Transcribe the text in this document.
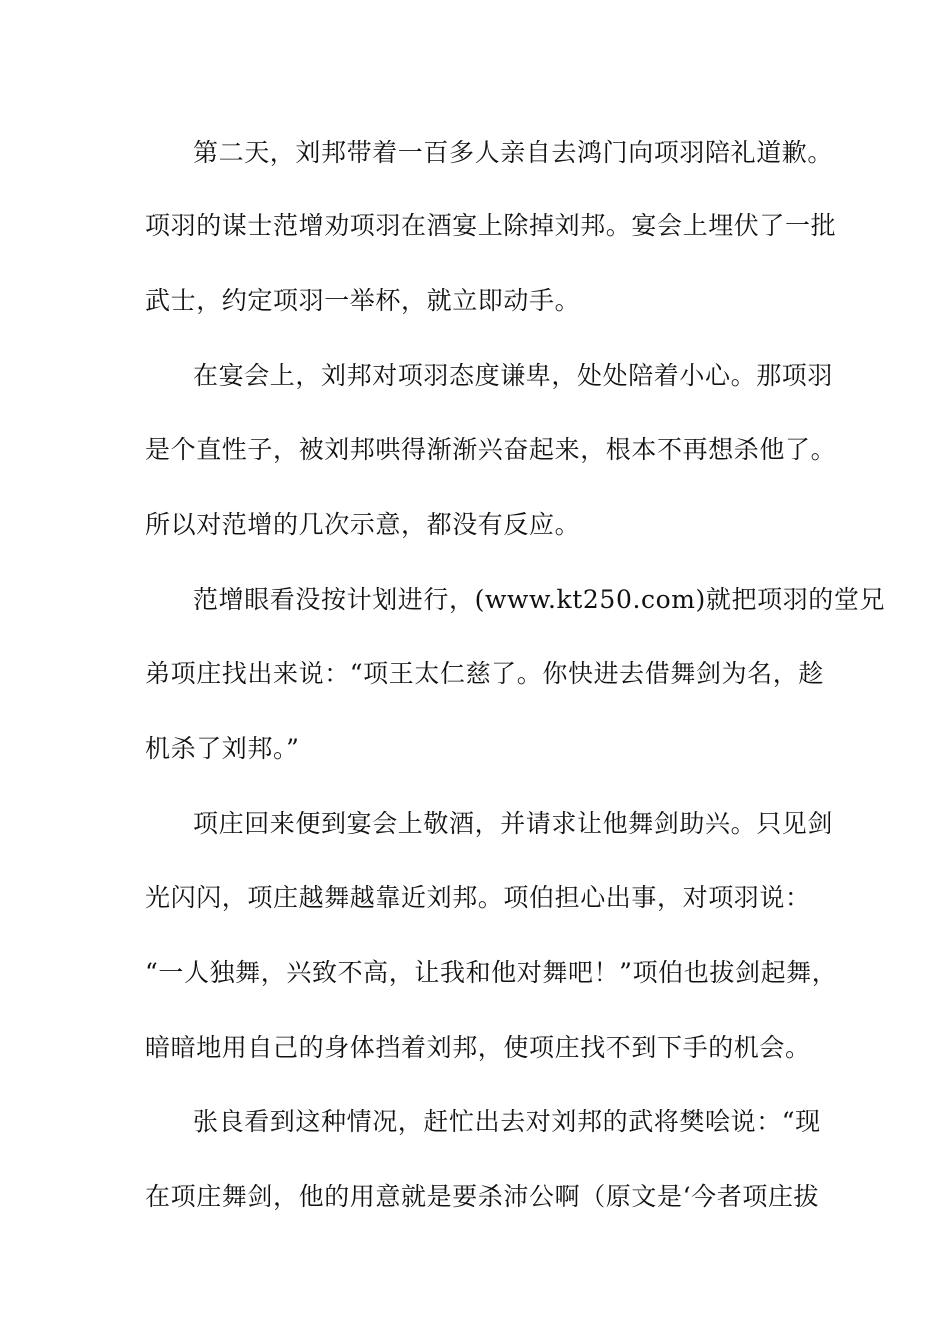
第二天，刘邦带着一百多人亲自去鸿门向项羽陪礼道歉。
项羽的谋士范增劝项羽在酒宴上除掉刘邦。宴会上埋伏了一批
武士，约定项羽一举杯，就立即动手。
在宴会上，刘邦对项羽态度谦卑，处处陪着小心。那项羽
是个直性子，被刘邦哄得渐渐兴奋起来，根本不再想杀他了。
所以对范增的几次示意，都没有反应。
范增眼看没按计划进行，(www.kt250.com)就把项羽的堂兄
弟项庄找出来说：“项王太仁慈了。你快进去借舞剑为名，趁
机杀了刘邦。”
项庄回来便到宴会上敬酒，并请求让他舞剑助兴。只见剑
光闪闪，项庄越舞越靠近刘邦。项伯担心出事，对项羽说：
“一人独舞，兴致不高，让我和他对舞吧！”项伯也拔剑起舞，
暗暗地用自己的身体挡着刘邦，使项庄找不到下手的机会。
张良看到这种情况，赶忙出去对刘邦的武将樊哙说：“现
在项庄舞剑，他的用意就是要杀沛公啊（原文是‘今者项庄拔
